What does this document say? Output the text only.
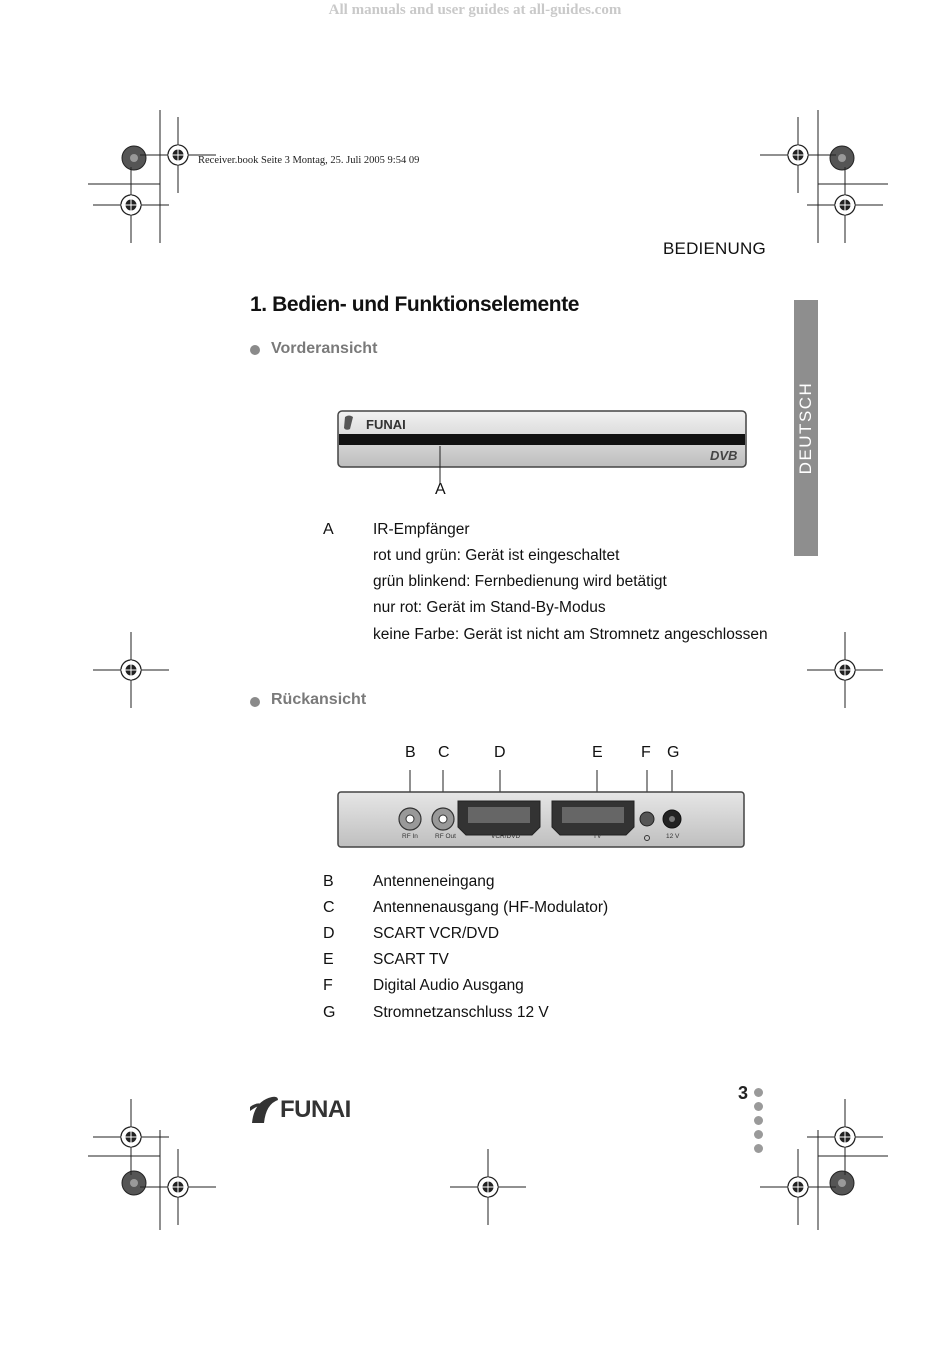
All manuals and user guides at all-guides.com
Receiver.book Seite 3 Montag, 25. Juli 2005 9:54 09
BEDIENUNG
DEUTSCH
1. Bedien- und Funktionselemente
Vorderansicht
FUNAI
DVB
A
A	IR-Empfänger
rot und grün: Gerät ist eingeschaltet
grün blinkend: Fernbedienung wird betätigt
nur rot: Gerät im Stand-By-Modus
keine Farbe: Gerät ist nicht am Stromnetz angeschlossen
Rückansicht
B C	D	E F G
RF In	RF Out	VCR/DVD	TV	12 V
B	Antenneneingang
C Antennenausgang (HF-Modulator)
D SCART VCR/DVD
E	SCART TV
F	Digital Audio Ausgang
G Stromnetzanschluss 12 V
FUNAI
3
